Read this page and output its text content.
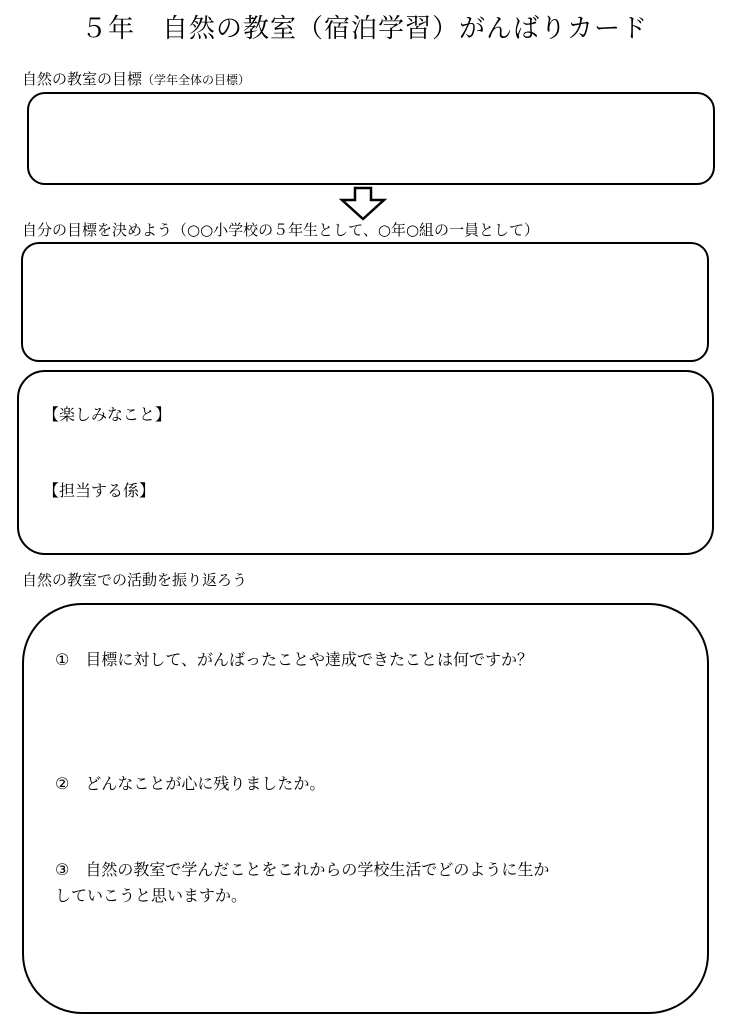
５年　自然の教室（宿泊学習）がんばりカード
自然の教室の目標（学年全体の目標）
自分の目標を決めよう（○○小学校の５年生として、○年○組の一員として）
【楽しみなこと】
【担当する係】
自然の教室での活動を振り返ろう
①　目標に対して、がんばったことや達成できたことは何ですか？
②　どんなことが心に残りましたか。
③　自然の教室で学んだことをこれからの学校生活でどのように生か
していこうと思いますか。
